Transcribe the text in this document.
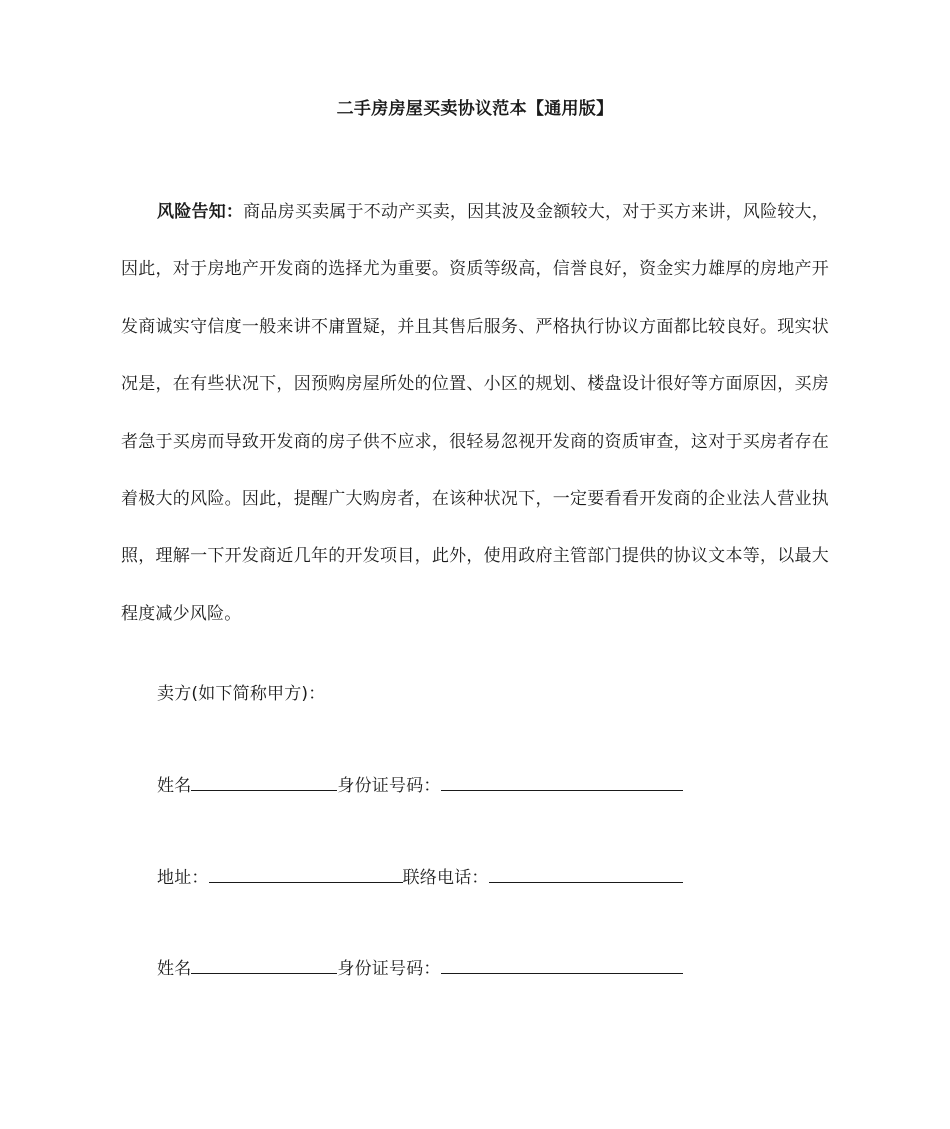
二手房房屋买卖协议范本【通用版】
风险告知：商品房买卖属于不动产买卖，因其波及金额较大，对于买方来讲，风险较大，因此，对于房地产开发商的选择尤为重要。资质等级高，信誉良好，资金实力雄厚的房地产开发商诚实守信度一般来讲不庸置疑，并且其售后服务、严格执行协议方面都比较良好。现实状况是，在有些状况下，因预购房屋所处的位置、小区的规划、楼盘设计很好等方面原因，买房者急于买房而导致开发商的房子供不应求，很轻易忽视开发商的资质审查，这对于买房者存在着极大的风险。因此，提醒广大购房者，在该种状况下，一定要看看开发商的企业法人营业执照，理解一下开发商近几年的开发项目，此外，使用政府主管部门提供的协议文本等，以最大程度减少风险。
卖方(如下简称甲方)：
姓名	身份证号码：
地址：	联络电话：
姓名	身份证号码：
